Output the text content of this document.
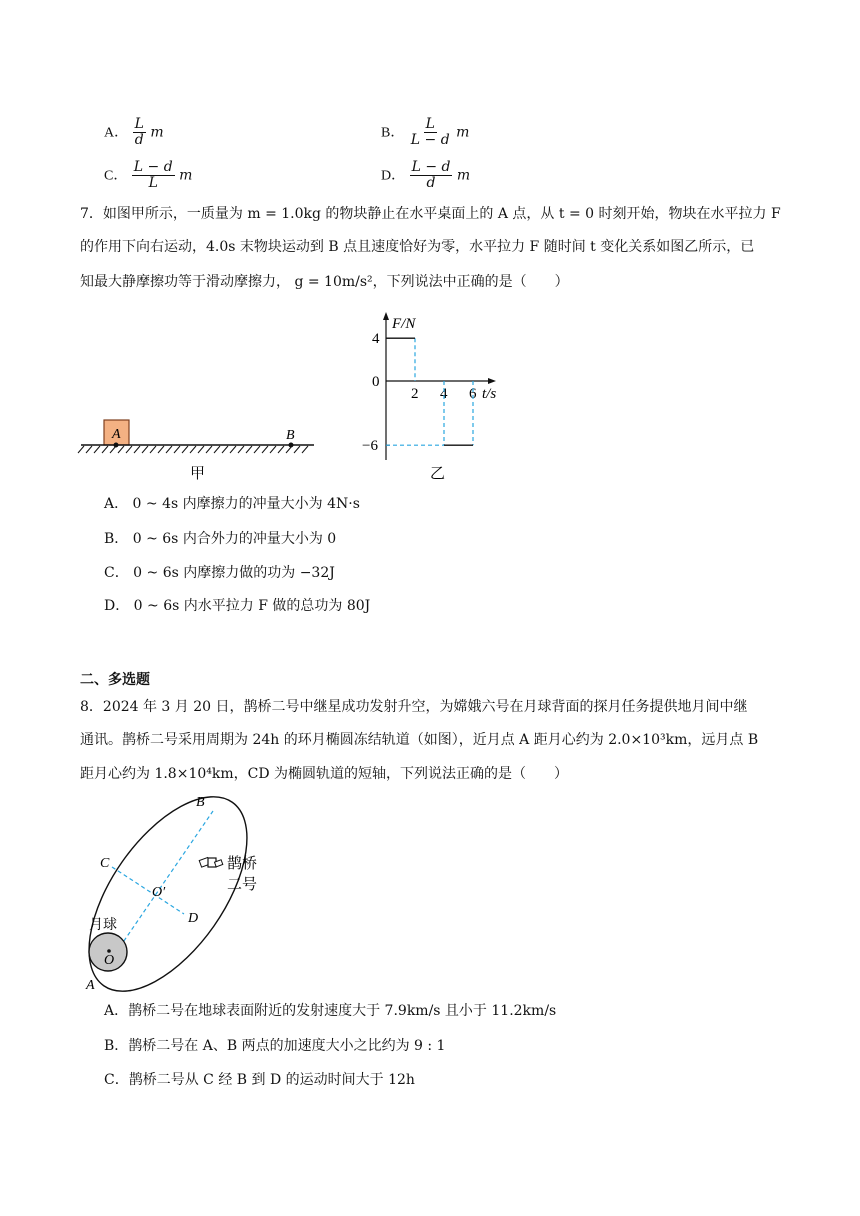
A． $\frac{L}{d}$ m	B． $\frac{L}{L - d}$ m
C． $\frac{L - d}{L}$ m	D． $\frac{L - d}{d}$ m
7．如图甲所示，一质量为 m = 1.0kg 的物块静止在水平桌面上的 A 点，从 t = 0 时刻开始，物块在水平拉力 F
的作用下向右运动，4.0s 末物块运动到 B 点且速度恰好为零，水平拉力 F 随时间 t 变化关系如图乙所示，已
知最大静摩擦功等于滑动摩擦力， g = 10m/s²，下列说法中正确的是（　　）
A	B
甲
F/N
t/s
0
4
−6
2 4 6
乙
A． 0 ~ 4s 内摩擦力的冲量大小为 4N·s
B． 0 ~ 6s 内合外力的冲量大小为 0
C． 0 ~ 6s 内摩擦力做的功为 −32J
D． 0 ~ 6s 内水平拉力 F 做的总功为 80J
二、多选题
8．2024 年 3 月 20 日，鹊桥二号中继星成功发射升空，为嫦娥六号在月球背面的探月任务提供地月间中继
通讯。鹊桥二号采用周期为 24h 的环月椭圆冻结轨道（如图），近月点 A 距月心约为 2.0×10³km，远月点 B
距月心约为 1.8×10⁴km，CD 为椭圆轨道的短轴，下列说法正确的是（　　）
B
C
O′
D
A
O
月球
鹊桥
二号
A．鹊桥二号在地球表面附近的发射速度大于 7.9km/s 且小于 11.2km/s
B．鹊桥二号在 A、B 两点的加速度大小之比约为 9 : 1
C．鹊桥二号从 C 经 B 到 D 的运动时间大于 12h
